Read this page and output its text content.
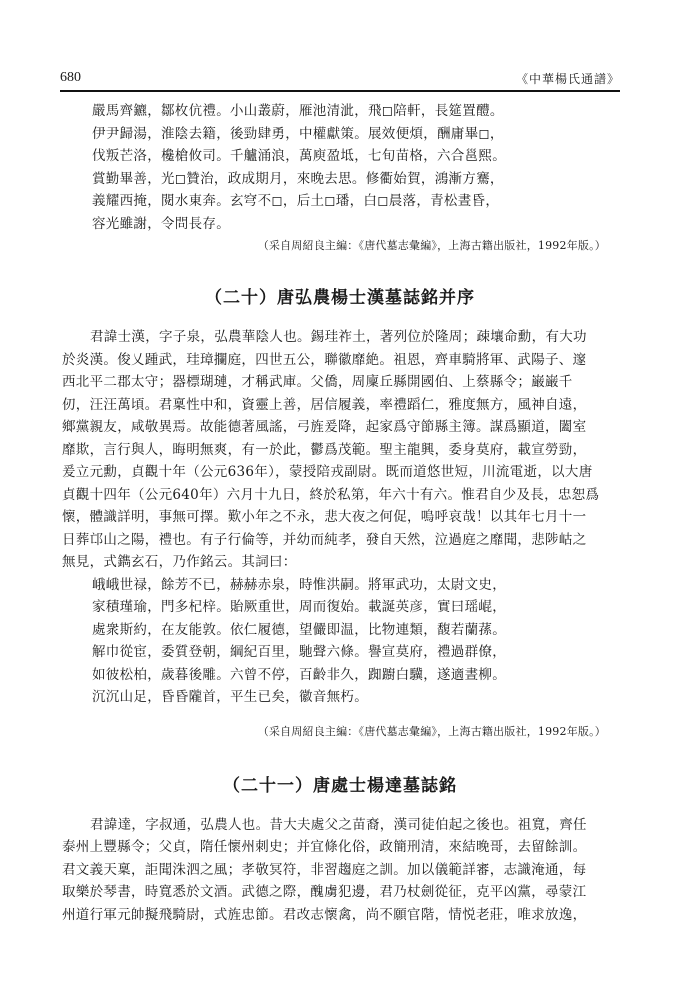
680	《中華楊氏通譜》
嚴馬齊鑣，鄒枚伉禮。小山叢蔚，雁池清泚，飛◻陪軒，長筵置醴。
伊尹歸湯，淮陰去籍，後勁肆勇，中權獻策。展效便煩，酬庸畢◻，
伐叛芒洛，欃槍攸司。千艫涌浪，萬庾盈坻，七旬苗格，六合邕熙。
賞勤畢善，光◻贊治，政成期月，來晚去思。修衢始賀，鴻漸方騫，
義耀西掩，閱水東奔。玄穹不◻，后土◻璠，白◻晨落，青松晝昏，
容光雖謝，令問長存。
（采自周紹良主編：《唐代墓志彙編》，上海古籍出版社，1992年版。）
（二十）唐弘農楊士漢墓誌銘并序
君諱士漢，字子泉，弘農華陰人也。錫珪祚土，著列位於隆周；疎壤命勳，有大功
於炎漢。俊乂踵武，珪璋攔庭，四世五公，聯徽靡絶。祖恩，齊車騎將軍、武陽子、邃
西北平二郡太守；器標瑚璉，才稱武庫。父僑，周廩丘縣開國伯、上蔡縣令；巌巌千
仞，汪汪萬頃。君稟性中和，資靈上善，居信履義，率禮蹈仁，雅度無方，風神自遠，
鄉黨親友，咸敬異焉。故能德著風謠，弓旌爰降，起家爲守節縣主簿。謀爲顯道，闔室
靡欺，言行與人，晦明無爽，有一於此，鬱爲茂範。聖主龍興，委身莫府，載宣勞勁，
爰立元勳，貞觀十年（公元636年），蒙授陪戎副尉。既而道悠世短，川流電逝，以大唐
貞觀十四年（公元640年）六月十九日，終於私第，年六十有六。惟君自少及長，忠恕爲
懷，體識詳明，事無可擇。歎小年之不永，悲大夜之何促，嗚呼哀哉！以其年七月十一
日葬邙山之陽，禮也。有子行倫等，并幼而純孝，發自天然，泣過庭之靡聞，悲陟岵之
無見，式鐫玄石，乃作銘云。其詞曰：
峨峨世禄，餘芳不已，赫赫赤泉，時惟洪嗣。將軍武功，太尉文史，
家積瑾瑜，門多杞梓。貽厥重世，周而復始。載誕英彦，實曰瑶崐，
處衆斯約，在友能敦。依仁履德，望儼即温，比物連類，馥若蘭蓀。
解巾從宦，委質登朝，綱紀百里，馳聲六條。譽宣莫府，禮過群僚，
如彼松柏，歲暮後雕。六曾不停，百齡非久，踟躕白驥，遂適晝柳。
沉沉山足，昏昏隴首，平生已矣，徽音無朽。
（采自周紹良主編：《唐代墓志彙編》，上海古籍出版社，1992年版。）
（二十一）唐處士楊達墓誌銘
君諱達，字叔通，弘農人也。昔大夫處父之苗裔，漢司徒伯起之後也。祖寬，齊任
泰州上豐縣令；父貞，隋任懷州刺史；并宜條化俗，政簡刑清，來結晚哥，去留餘訓。
君文義天稟，詎聞洙泗之風；孝敬冥符，非習趨庭之訓。加以儀範詳審，志識淹通，每
取樂於琴書，時寬悉於文酒。武德之際，醜虜犯邊，君乃杖劍從征，克平凶黨，尋蒙江
州道行軍元帥擬飛騎尉，式旌忠節。君改志懷禽，尚不願官階，情悦老莊，唯求放逸，
